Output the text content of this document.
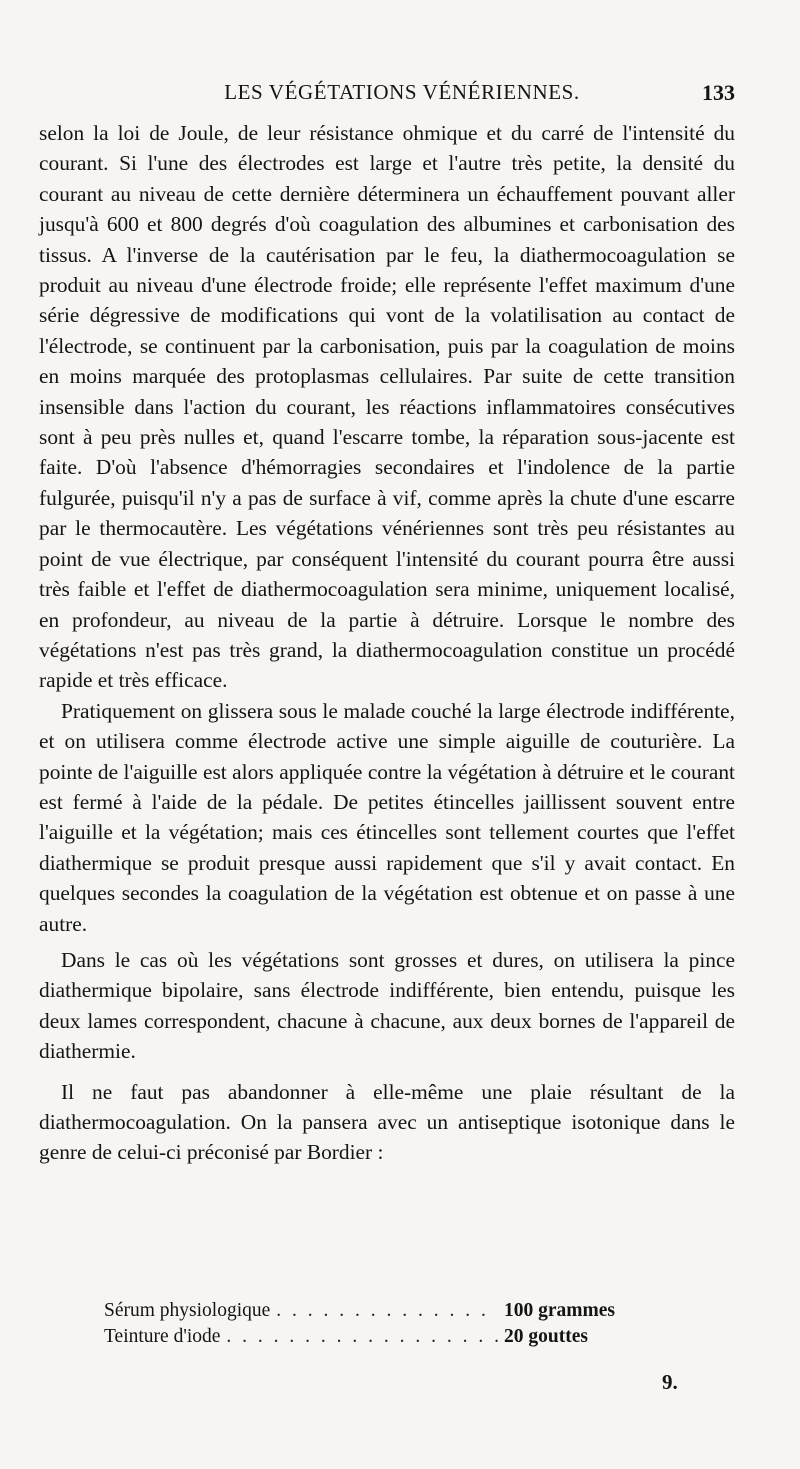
LES VÉGÉTATIONS VÉNÉRIENNES.	133

selon la loi de Joule, de leur résistance ohmique et du carré de l'intensité du courant. Si l'une des électrodes est large et l'autre très petite, la densité du courant au niveau de cette dernière déterminera un échauffement pouvant aller jusqu'à 600 et 800 degrés d'où coagulation des albumines et carbonisation des tissus. A l'inverse de la cautérisation par le feu, la diathermocoagulation se produit au niveau d'une électrode froide; elle représente l'effet maximum d'une série dégressive de modifications qui vont de la volatilisation au contact de l'électrode, se continuent par la carbonisation, puis par la coagulation de moins en moins marquée des protoplasmas cellulaires. Par suite de cette transition insensible dans l'action du courant, les réactions inflammatoires consécutives sont à peu près nulles et, quand l'escarre tombe, la réparation sous-jacente est faite. D'où l'absence d'hémorragies secondaires et l'indolence de la partie fulgurée, puisqu'il n'y a pas de surface à vif, comme après la chute d'une escarre par le thermocautère. Les végétations vénériennes sont très peu résistantes au point de vue électrique, par conséquent l'intensité du courant pourra être aussi très faible et l'effet de diathermocoagulation sera minime, uniquement localisé, en profondeur, au niveau de la partie à détruire. Lorsque le nombre des végétations n'est pas très grand, la diathermocoagulation constitue un procédé rapide et très efficace.

Pratiquement on glissera sous le malade couché la large électrode indifférente, et on utilisera comme électrode active une simple aiguille de couturière. La pointe de l'aiguille est alors appliquée contre la végétation à détruire et le courant est fermé à l'aide de la pédale. De petites étincelles jaillissent souvent entre l'aiguille et la végétation; mais ces étincelles sont tellement courtes que l'effet diathermique se produit presque aussi rapidement que s'il y avait contact. En quelques secondes la coagulation de la végétation est obtenue et on passe à une autre.

Dans le cas où les végétations sont grosses et dures, on utilisera la pince diathermique bipolaire, sans électrode indifférente, bien entendu, puisque les deux lames correspondent, chacune à chacune, aux deux bornes de l'appareil de diathermie.

Il ne faut pas abandonner à elle-même une plaie résultant de la diathermocoagulation. On la pansera avec un antiseptique isotonique dans le genre de celui-ci préconisé par Bordier :

Sérum physiologique . . .	100 grammes
Teinture d'iode . . .	20 gouttes
9.
